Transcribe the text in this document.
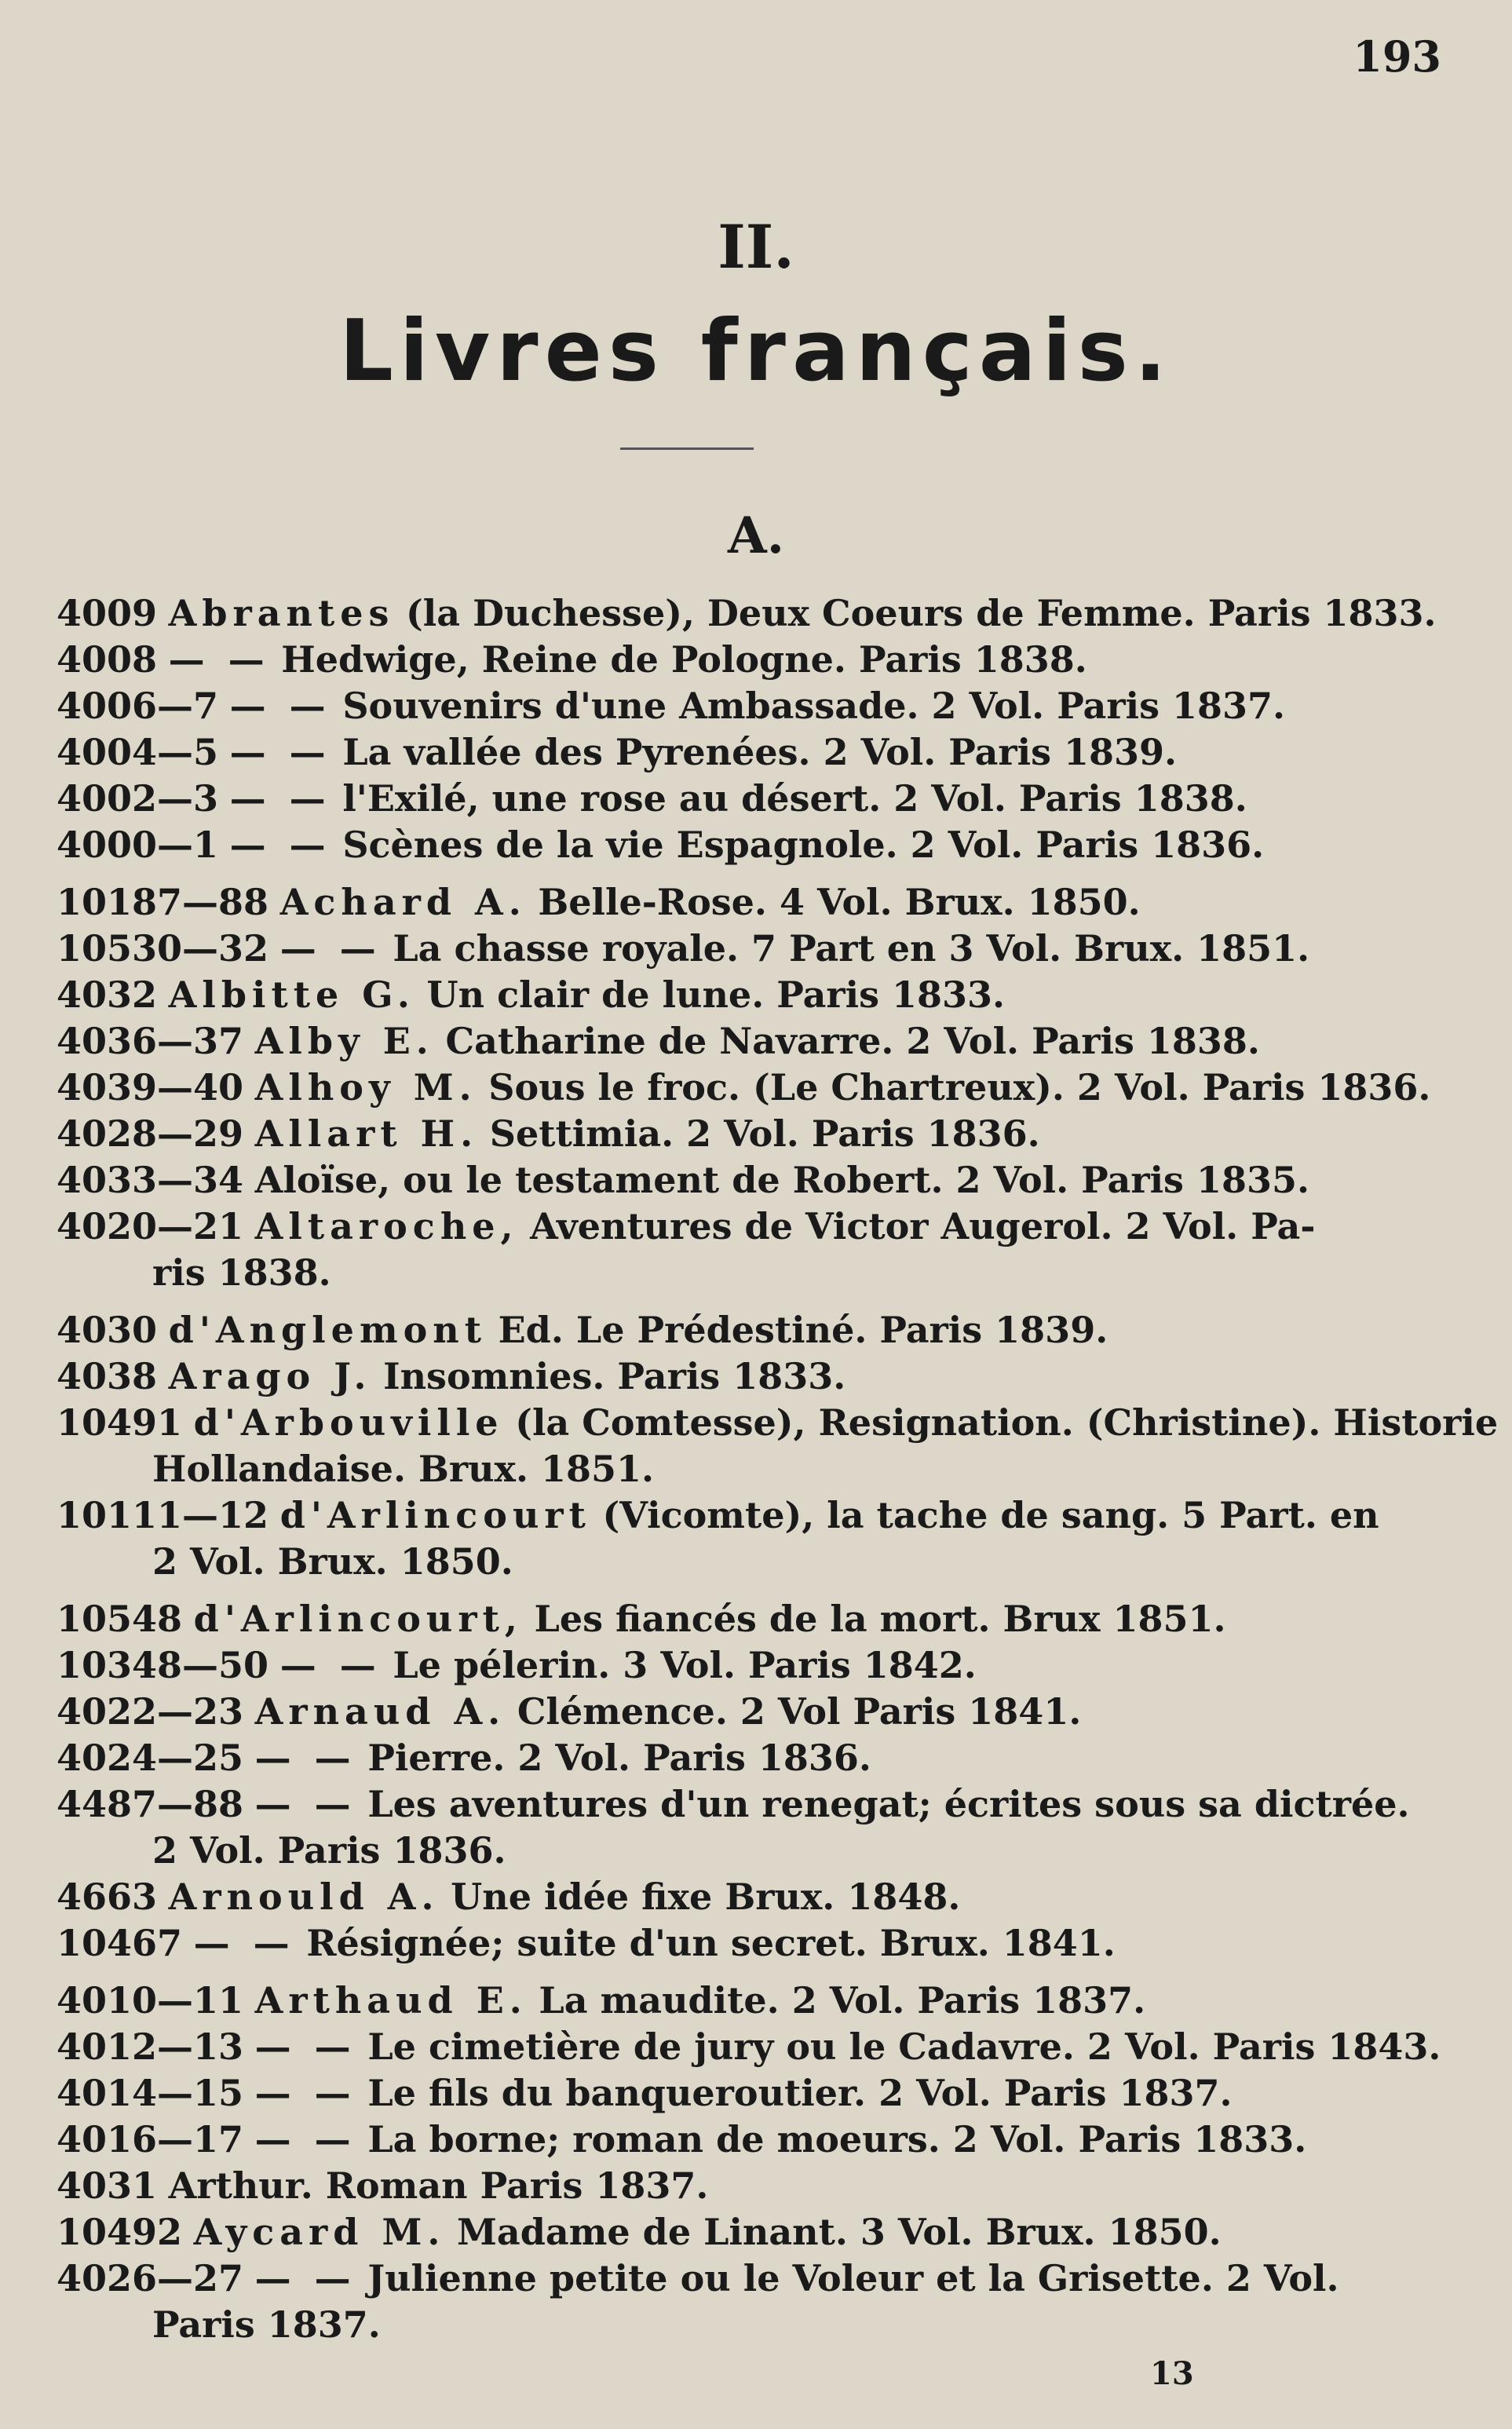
193
II.
Livres français.
A.
4009 Abrantes (la Duchesse), Deux Coeurs de Femme. Paris 1833.
4008 — — Hedwige, Reine de Pologne. Paris 1838.
4006—7 — — Souvenirs d'une Ambassade. 2 Vol. Paris 1837.
4004—5 — — La vallée des Pyrenées. 2 Vol. Paris 1839.
4002—3 — — l'Exilé, une rose au désert. 2 Vol. Paris 1838.
4000—1 — — Scènes de la vie Espagnole. 2 Vol. Paris 1836.
10187—88 Achard A. Belle-Rose. 4 Vol. Brux. 1850.
10530—32 — — La chasse royale. 7 Part en 3 Vol. Brux. 1851.
4032 Albitte G. Un clair de lune. Paris 1833.
4036—37 Alby E. Catharine de Navarre. 2 Vol. Paris 1838.
4039—40 Alhoy M. Sous le froc. (Le Chartreux). 2 Vol. Paris 1836.
4028—29 Allart H. Settimia. 2 Vol. Paris 1836.
4033—34 Aloïse, ou le testament de Robert. 2 Vol. Paris 1835.
4020—21 Altaroche, Aventures de Victor Augerol. 2 Vol. Pa-
ris 1838.
4030 d'Anglemont Ed. Le Prédestiné. Paris 1839.
4038 Arago J. Insomnies. Paris 1833.
10491 d'Arbouville (la Comtesse), Resignation. (Christine). Historie
Hollandaise. Brux. 1851.
10111—12 d'Arlincourt (Vicomte), la tache de sang. 5 Part. en
2 Vol. Brux. 1850.
10548 d'Arlincourt, Les fiancés de la mort. Brux 1851.
10348—50 — — Le pélerin. 3 Vol. Paris 1842.
4022—23 Arnaud A. Clémence. 2 Vol Paris 1841.
4024—25 — — Pierre. 2 Vol. Paris 1836.
4487—88 — — Les aventures d'un renegat; écrites sous sa dictrée.
2 Vol. Paris 1836.
4663 Arnould A. Une idée fixe Brux. 1848.
10467 — — Résignée; suite d'un secret. Brux. 1841.
4010—11 Arthaud E. La maudite. 2 Vol. Paris 1837.
4012—13 — — Le cimetière de jury ou le Cadavre. 2 Vol. Paris 1843.
4014—15 — — Le fils du banqueroutier. 2 Vol. Paris 1837.
4016—17 — — La borne; roman de moeurs. 2 Vol. Paris 1833.
4031 Arthur. Roman Paris 1837.
10492 Aycard M. Madame de Linant. 3 Vol. Brux. 1850.
4026—27 — — Julienne petite ou le Voleur et la Grisette. 2 Vol.
Paris 1837.
13
